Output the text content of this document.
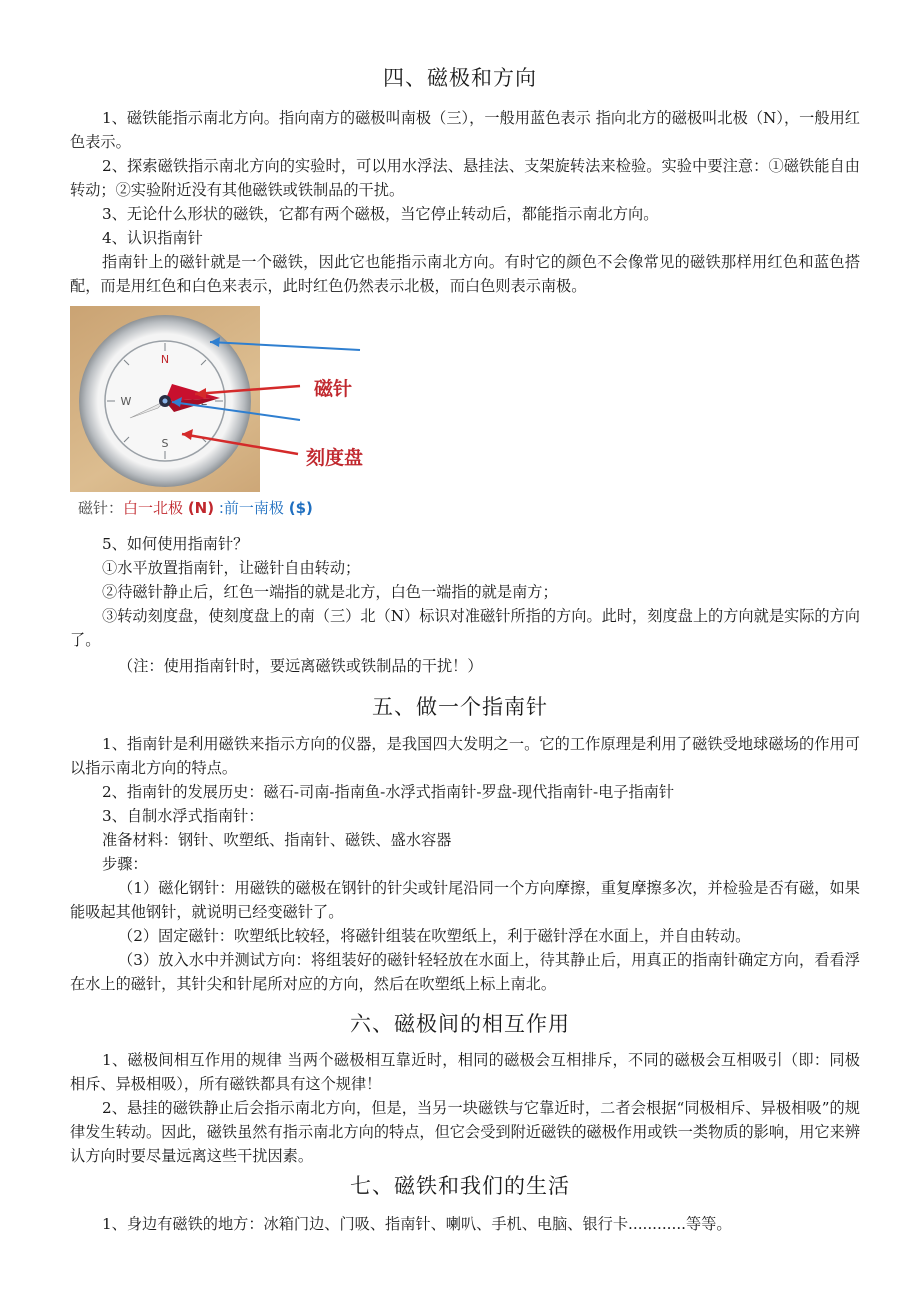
四、磁极和方向

1、磁铁能指示南北方向。指向南方的磁极叫南极（三），一般用蓝色表示 指向北方的磁极叫北极（N），一般用红色表示。

2、探索磁铁指示南北方向的实验时，可以用水浮法、悬挂法、支架旋转法来检验。实验中要注意：①磁铁能自由转动；②实验附近没有其他磁铁或铁制品的干扰。

3、无论什么形状的磁铁，它都有两个磁极，当它停止转动后，都能指示南北方向。

4、认识指南针

指南针上的磁针就是一个磁铁，因此它也能指示南北方向。有时它的颜色不会像常见的磁铁那样用红色和蓝色搭配，而是用红色和白色来表示，此时红色仍然表示北极，而白色则表示南极。

N
S
W
磁针
刻度盘
磁针：白一北极 (N) :前一南极 ($)

5、如何使用指南针？

①水平放置指南针，让磁针自由转动；

②待磁针静止后，红色一端指的就是北方，白色一端指的就是南方；

③转动刻度盘，使刻度盘上的南（三）北（N）标识对准磁针所指的方向。此时，刻度盘上的方向就是实际的方向了。

（注：使用指南针时，要远离磁铁或铁制品的干扰！）

五、做一个指南针

1、指南针是利用磁铁来指示方向的仪器，是我国四大发明之一。它的工作原理是利用了磁铁受地球磁场的作用可以指示南北方向的特点。

2、指南针的发展历史：磁石-司南-指南鱼-水浮式指南针-罗盘-现代指南针-电子指南针

3、自制水浮式指南针：

准备材料：钢针、吹塑纸、指南针、磁铁、盛水容器

步骤：

（1）磁化钢针：用磁铁的磁极在钢针的针尖或针尾沿同一个方向摩擦，重复摩擦多次，并检验是否有磁，如果能吸起其他钢针，就说明已经变磁针了。

（2）固定磁针：吹塑纸比较轻，将磁针组装在吹塑纸上，利于磁针浮在水面上，并自由转动。

（3）放入水中并测试方向：将组装好的磁针轻轻放在水面上，待其静止后，用真正的指南针确定方向，看看浮在水上的磁针，其针尖和针尾所对应的方向，然后在吹塑纸上标上南北。

六、磁极间的相互作用

1、磁极间相互作用的规律 当两个磁极相互靠近时，相同的磁极会互相排斥，不同的磁极会互相吸引（即：同极相斥、异极相吸），所有磁铁都具有这个规律！

2、悬挂的磁铁静止后会指示南北方向，但是，当另一块磁铁与它靠近时，二者会根据“同极相斥、异极相吸”的规律发生转动。因此，磁铁虽然有指示南北方向的特点，但它会受到附近磁铁的磁极作用或铁一类物质的影响，用它来辨认方向时要尽量远离这些干扰因素。

七、磁铁和我们的生活

1、身边有磁铁的地方：冰箱门边、门吸、指南针、喇叭、手机、电脑、银行卡............等等。
